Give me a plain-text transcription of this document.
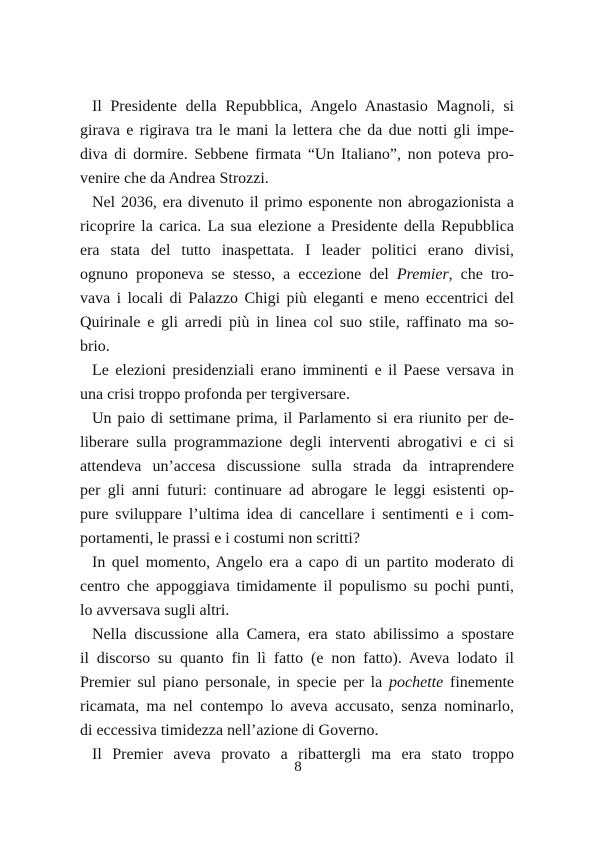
Il Presidente della Repubblica, Angelo Anastasio Magnoli, si
girava e rigirava tra le mani la lettera che da due notti gli impe-
diva di dormire. Sebbene firmata “Un Italiano”, non poteva pro-
venire che da Andrea Strozzi.
Nel 2036, era divenuto il primo esponente non abrogazionista a
ricoprire la carica. La sua elezione a Presidente della Repubblica
era stata del tutto inaspettata. I leader politici erano divisi,
ognuno proponeva se stesso, a eccezione del Premier, che tro-
vava i locali di Palazzo Chigi più eleganti e meno eccentrici del
Quirinale e gli arredi più in linea col suo stile, raffinato ma so-
brio.
Le elezioni presidenziali erano imminenti e il Paese versava in
una crisi troppo profonda per tergiversare.
Un paio di settimane prima, il Parlamento si era riunito per de-
liberare sulla programmazione degli interventi abrogativi e ci si
attendeva un’accesa discussione sulla strada da intraprendere
per gli anni futuri: continuare ad abrogare le leggi esistenti op-
pure sviluppare l’ultima idea di cancellare i sentimenti e i com-
portamenti, le prassi e i costumi non scritti?
In quel momento, Angelo era a capo di un partito moderato di
centro che appoggiava timidamente il populismo su pochi punti,
lo avversava sugli altri.
Nella discussione alla Camera, era stato abilissimo a spostare
il discorso su quanto fin lì fatto (e non fatto). Aveva lodato il
Premier sul piano personale, in specie per la pochette finemente
ricamata, ma nel contempo lo aveva accusato, senza nominarlo,
di eccessiva timidezza nell’azione di Governo.
Il Premier aveva provato a ribattergli ma era stato troppo
8
